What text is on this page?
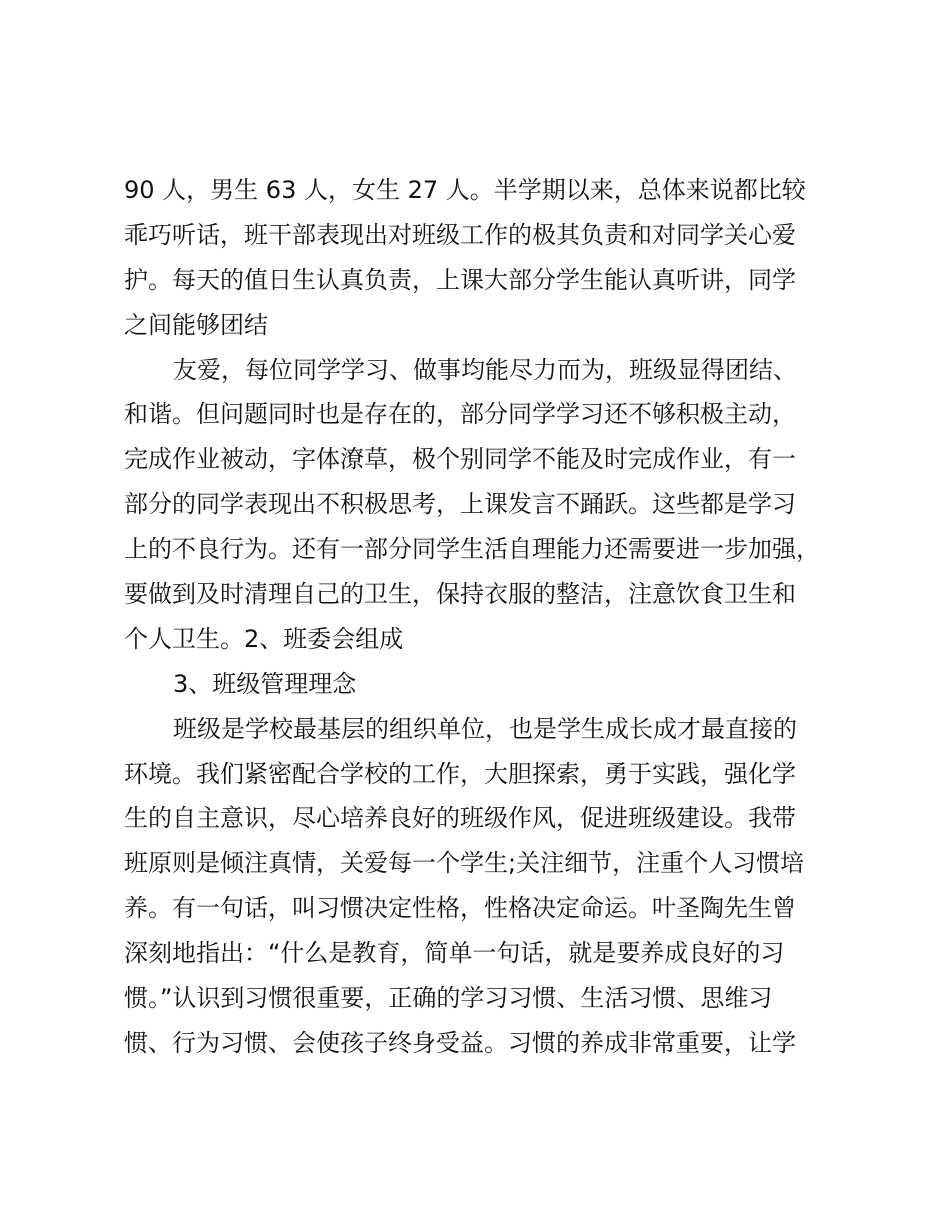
90 人，男生 63 人，女生 27 人。半学期以来，总体来说都比较
乖巧听话，班干部表现出对班级工作的极其负责和对同学关心爱
护。每天的值日生认真负责，上课大部分学生能认真听讲，同学
之间能够团结
友爱，每位同学学习、做事均能尽力而为，班级显得团结、
和谐。但问题同时也是存在的，部分同学学习还不够积极主动，
完成作业被动，字体潦草，极个别同学不能及时完成作业，有一
部分的同学表现出不积极思考，上课发言不踊跃。这些都是学习
上的不良行为。还有一部分同学生活自理能力还需要进一步加强，
要做到及时清理自己的卫生，保持衣服的整洁，注意饮食卫生和
个人卫生。2、班委会组成
3、班级管理理念
班级是学校最基层的组织单位，也是学生成长成才最直接的
环境。我们紧密配合学校的工作，大胆探索，勇于实践，强化学
生的自主意识，尽心培养良好的班级作风，促进班级建设。我带
班原则是倾注真情，关爱每一个学生;关注细节，注重个人习惯培
养。有一句话，叫习惯决定性格，性格决定命运。叶圣陶先生曾
深刻地指出：“什么是教育，简单一句话，就是要养成良好的习
惯。”认识到习惯很重要，正确的学习习惯、生活习惯、思维习
惯、行为习惯、会使孩子终身受益。习惯的养成非常重要，让学
